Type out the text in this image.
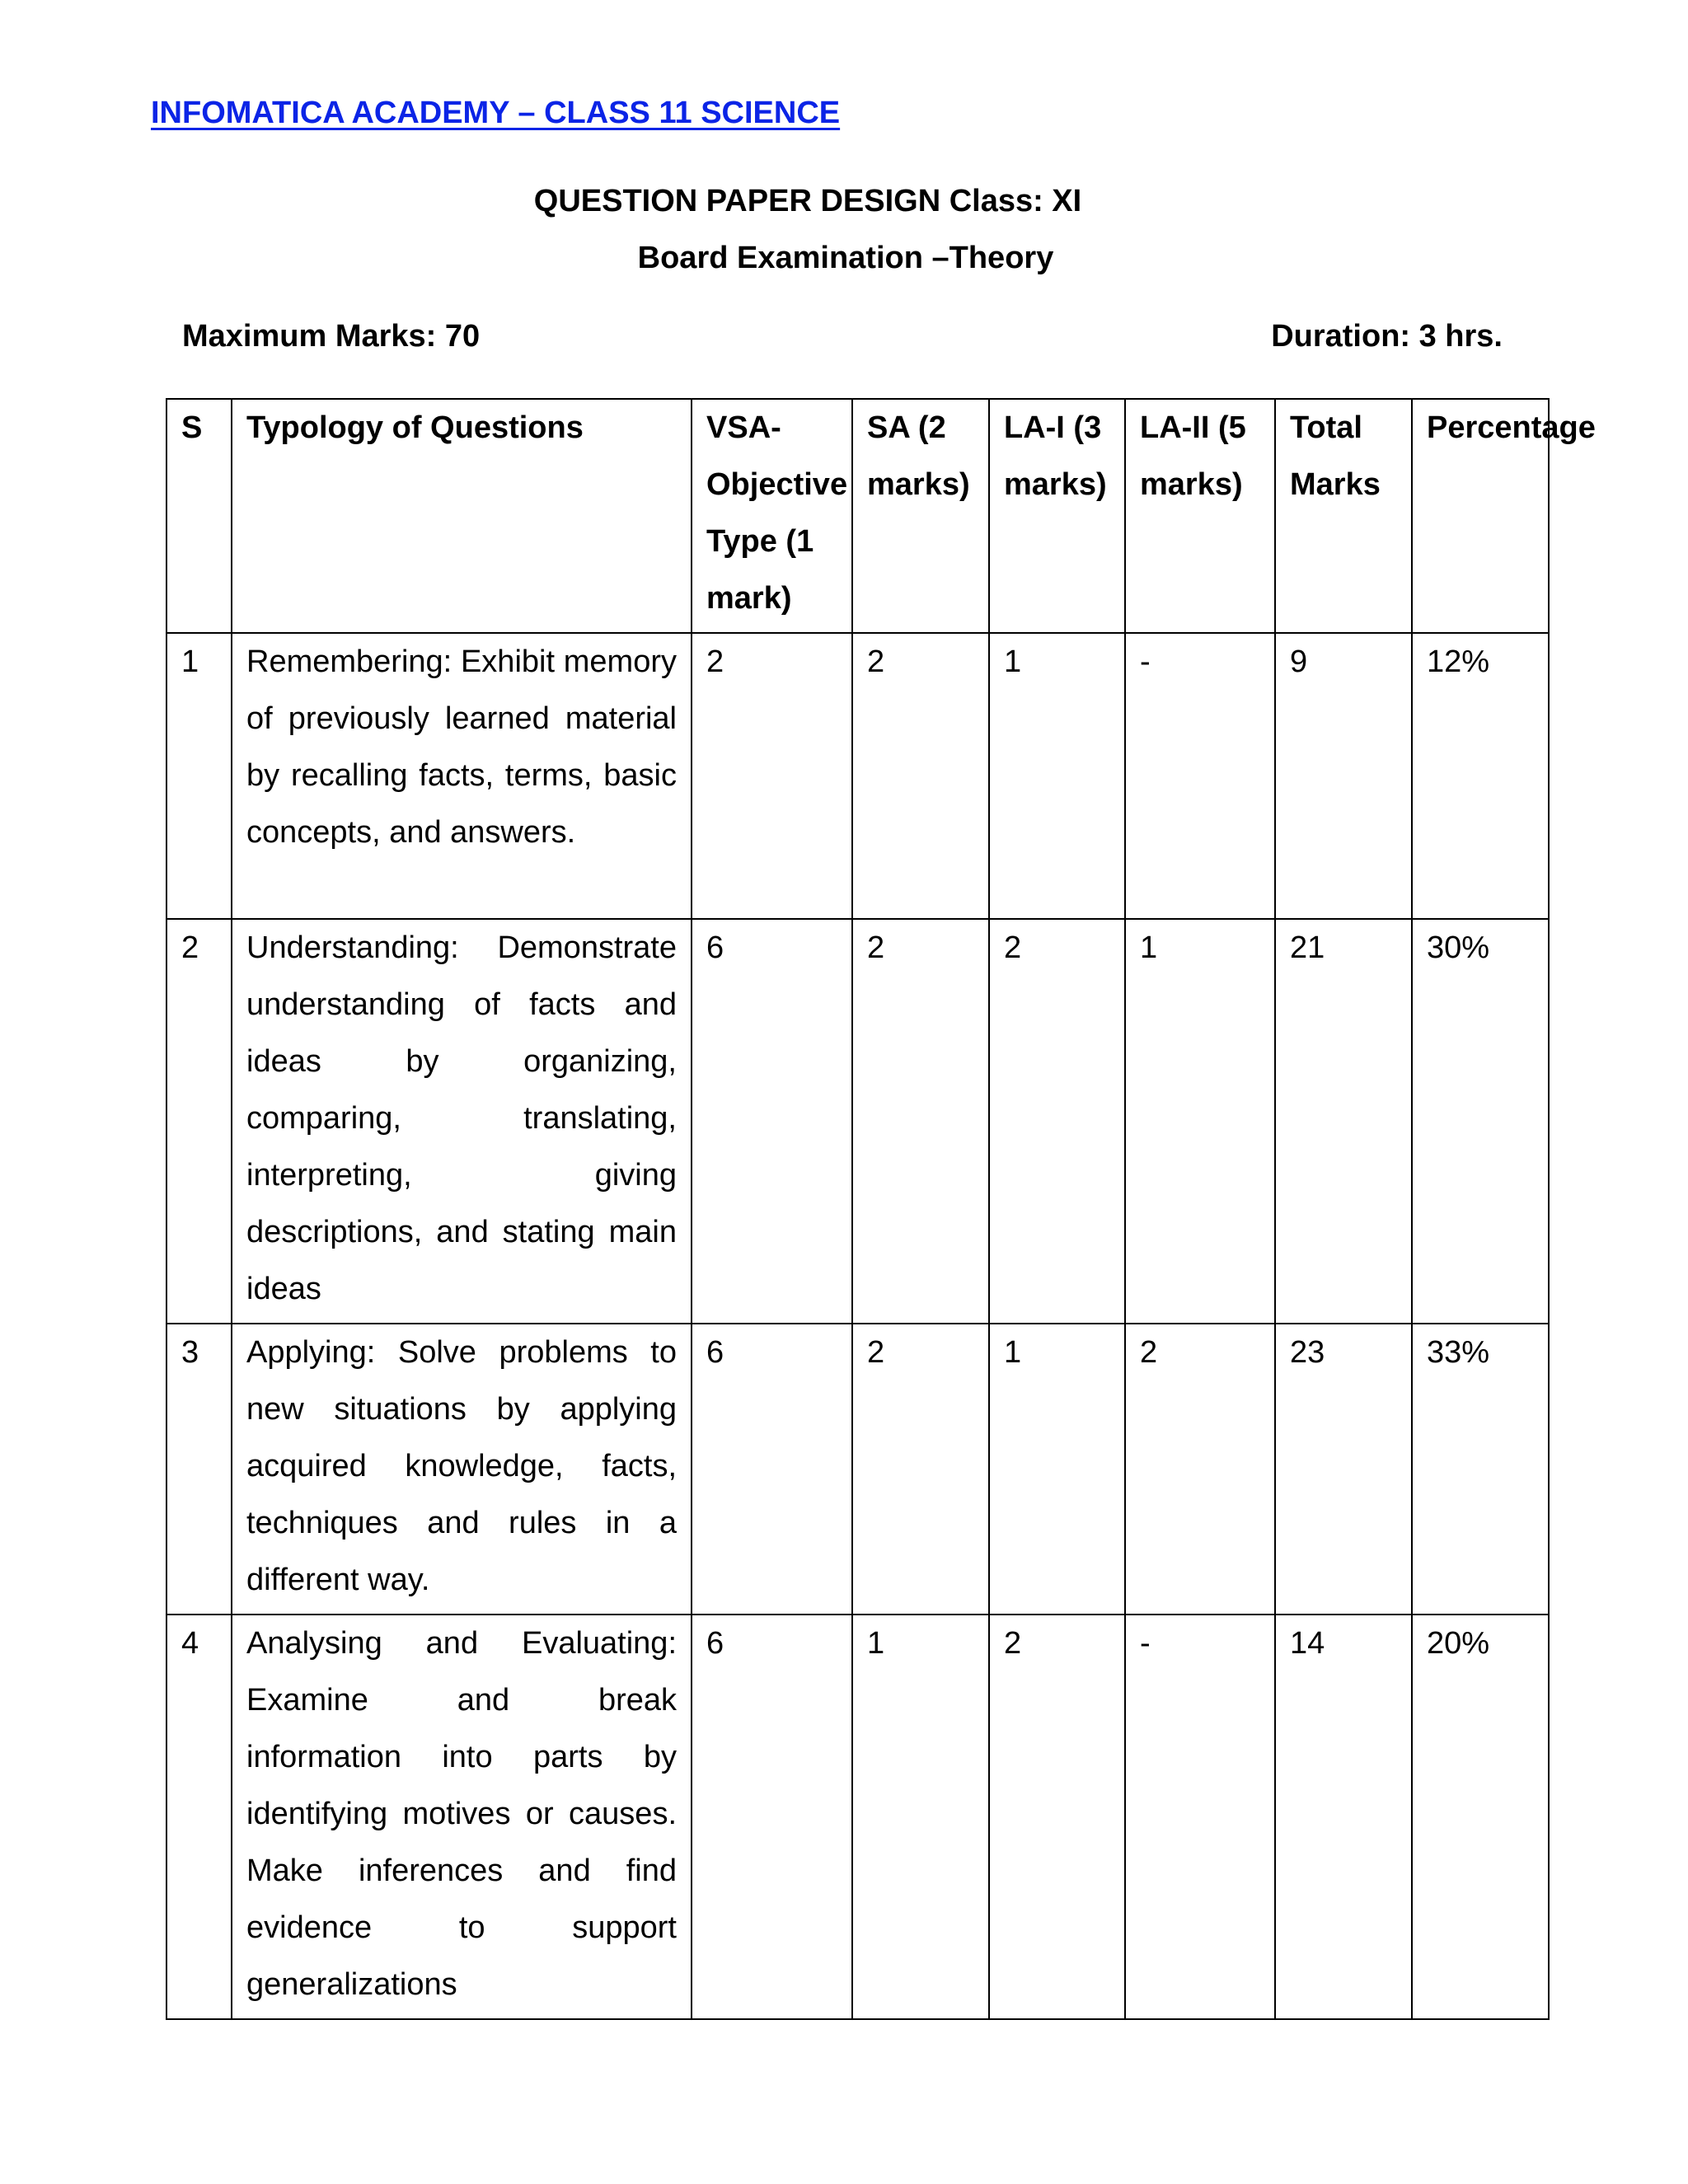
INFOMATICA ACADEMY – CLASS 11 SCIENCE
QUESTION PAPER DESIGN Class: XI
Board Examination –Theory
Maximum Marks: 70	Duration: 3 hrs.
S	Typology of Questions	VSA-Objective Type (1 mark)	SA (2 marks)	LA-I (3 marks)	LA-II (5 marks)	Total Marks	Percentage
1	Remembering: Exhibit memory of previously learned material by recalling facts, terms, basic concepts, and answers.	2	2	1	-	9	12%
2	Understanding: Demonstrate understanding of facts and ideas by organizing, comparing, translating, interpreting, giving descriptions, and stating main ideas	6	2	2	1	21	30%
3	Applying: Solve problems to new situations by applying acquired knowledge, facts, techniques and rules in a different way.	6	2	1	2	23	33%
4	Analysing and Evaluating: Examine and break information into parts by identifying motives or causes. Make inferences and find evidence to support generalizations	6	1	2	-	14	20%
